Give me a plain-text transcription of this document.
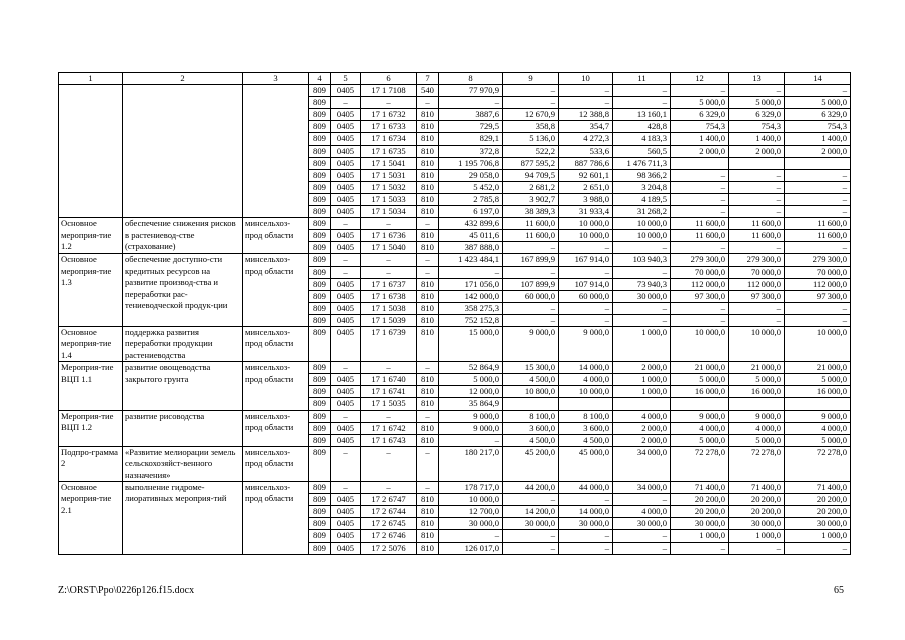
1	2	3	4	5	6	7	8	9	10	11	12	13	14
			809	0405	17 1 7108	540	77 970,9	–	–	–	–	–	–
			809	–	–	–	–	–	–	–	5 000,0	5 000,0	5 000,0
			809	0405	17 1 6732	810	3887,6	12 670,9	12 388,8	13 160,1	6 329,0	6 329,0	6 329,0
			809	0405	17 1 6733	810	729,5	358,8	354,7	428,8	754,3	754,3	754,3
			809	0405	17 1 6734	810	829,1	5 136,0	4 272,3	4 183,3	1 400,0	1 400,0	1 400,0
			809	0405	17 1 6735	810	372,8	522,2	533,6	560,5	2 000,0	2 000,0	2 000,0
			809	0405	17 1 5041	810	1 195 706,8	877 595,2	887 786,6	1 476 711,3			
			809	0405	17 1 5031	810	29 058,0	94 709,5	92 601,1	98 366,2	–	–	–
			809	0405	17 1 5032	810	5 452,0	2 681,2	2 651,0	3 204,8	–	–	–
			809	0405	17 1 5033	810	2 785,8	3 902,7	3 988,0	4 189,5	–	–	–
			809	0405	17 1 5034	810	6 197,0	38 389,3	31 933,4	31 268,2	–	–	–
Основное мероприя-тие 1.2	обеспечение снижения рисков в растениевод-стве (страхование)	минсельхоз-прод области	809	–	–	–	432 899,6	11 600,0	10 000,0	10 000,0	11 600,0	11 600,0	11 600,0
			809	0405	17 1 6736	810	45 011,6	11 600,0	10 000,0	10 000,0	11 600,0	11 600,0	11 600,0
			809	0405	17 1 5040	810	387 888,0	–	–	–	–	–	–
Основное мероприя-тие 1.3	обеспечение доступно-сти кредитных ресурсов на развитие производ-ства и переработки рас-тениеводческой продук-ции	минсельхоз-прод области	809	–	–	–	1 423 484,1	167 899,9	167 914,0	103 940,3	279 300,0	279 300,0	279 300,0
			809	–	–	–	–	–	–	–	70 000,0	70 000,0	70 000,0
			809	0405	17 1 6737	810	171 056,0	107 899,9	107 914,0	73 940,3	112 000,0	112 000,0	112 000,0
			809	0405	17 1 6738	810	142 000,0	60 000,0	60 000,0	30 000,0	97 300,0	97 300,0	97 300,0
			809	0405	17 1 5038	810	358 275,3	–	–	–	–	–	–
			809	0405	17 1 5039	810	752 152,8	–	–	–	–	–	–
Основное мероприя-тие 1.4	поддержка развития переработки продукции растениеводства	минсельхоз-прод области	809	0405	17 1 6739	810	15 000,0	9 000,0	9 000,0	1 000,0	10 000,0	10 000,0	10 000,0
Мероприя-тие ВЦП 1.1	развитие овощеводства закрытого грунта	минсельхоз-прод области	809	–	–	–	52 864,9	15 300,0	14 000,0	2 000,0	21 000,0	21 000,0	21 000,0
			809	0405	17 1 6740	810	5 000,0	4 500,0	4 000,0	1 000,0	5 000,0	5 000,0	5 000,0
			809	0405	17 1 6741	810	12 000,0	10 800,0	10 000,0	1 000,0	16 000,0	16 000,0	16 000,0
			809	0405	17 1 5035	810	35 864,9						
Мероприя-тие ВЦП 1.2	развитие рисоводства	минсельхоз-прод области	809	–	–	–	9 000,0	8 100,0	8 100,0	4 000,0	9 000,0	9 000,0	9 000,0
			809	0405	17 1 6742	810	9 000,0	3 600,0	3 600,0	2 000,0	4 000,0	4 000,0	4 000,0
			809	0405	17 1 6743	810	–	4 500,0	4 500,0	2 000,0	5 000,0	5 000,0	5 000,0
Подпро-грамма 2	«Развитие мелиорации земель сельскохозяйст-венного назначения»	минсельхоз-прод области	809	–	–	–	180 217,0	45 200,0	45 000,0	34 000,0	72 278,0	72 278,0	72 278,0
Основное мероприя-тие 2.1	выполнение гидроме-лиоративных мероприя-тий	минсельхоз-прод области	809	–	–	–	178 717,0	44 200,0	44 000,0	34 000,0	71 400,0	71 400,0	71 400,0
			809	0405	17 2 6747	810	10 000,0	–	–	–	20 200,0	20 200,0	20 200,0
			809	0405	17 2 6744	810	12 700,0	14 200,0	14 000,0	4 000,0	20 200,0	20 200,0	20 200,0
			809	0405	17 2 6745	810	30 000,0	30 000,0	30 000,0	30 000,0	30 000,0	30 000,0	30 000,0
			809	0405	17 2 6746	810	–	–	–	–	1 000,0	1 000,0	1 000,0
			809	0405	17 2 5076	810	126 017,0	–	–	–	–	–	–
Z:\ORST\Ppo\0226p126.f15.docx	65
